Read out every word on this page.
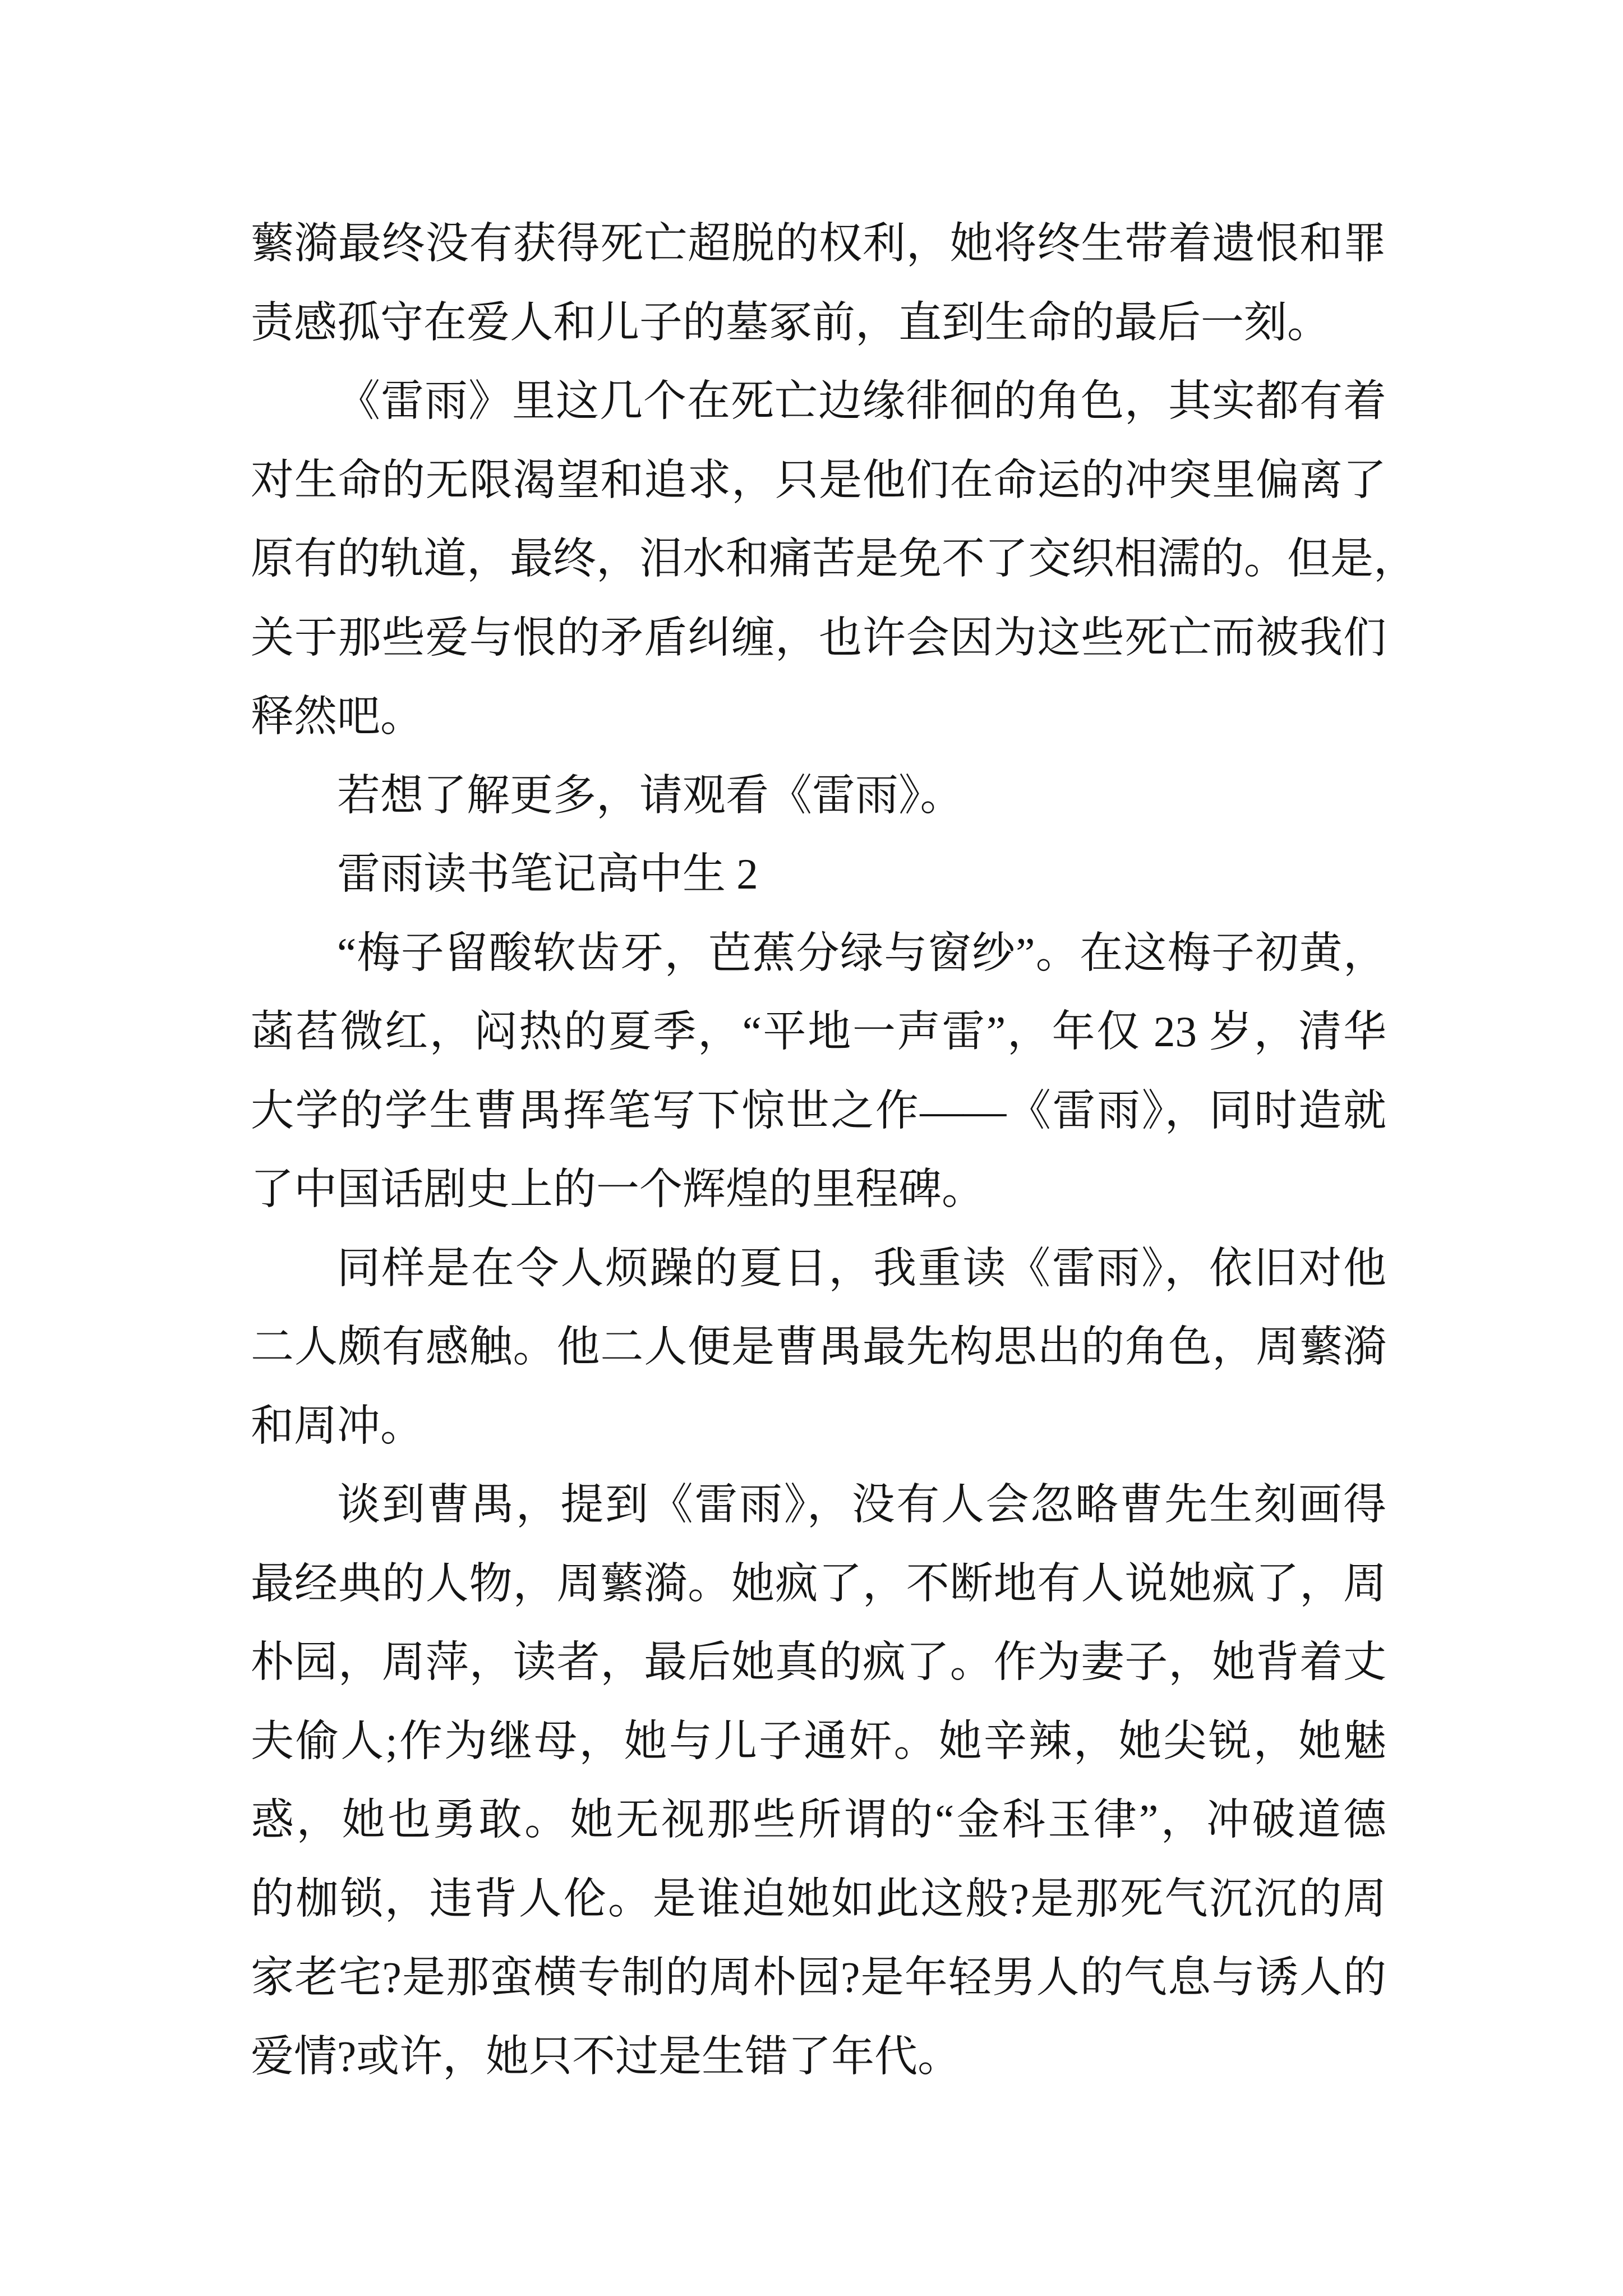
蘩漪最终没有获得死亡超脱的权利，她将终生带着遗恨和罪
责感孤守在爱人和儿子的墓冢前，直到生命的最后一刻。

《雷雨》里这几个在死亡边缘徘徊的角色，其实都有着
对生命的无限渴望和追求，只是他们在命运的冲突里偏离了
原有的轨道，最终，泪水和痛苦是免不了交织相濡的。但是，
关于那些爱与恨的矛盾纠缠，也许会因为这些死亡而被我们
释然吧。

若想了解更多，请观看《雷雨》。

雷雨读书笔记高中生 2

“梅子留酸软齿牙，芭蕉分绿与窗纱”。在这梅子初黄，
菡萏微红，闷热的夏季，“平地一声雷”，年仅 23 岁，清华
大学的学生曹禺挥笔写下惊世之作——《雷雨》，同时造就
了中国话剧史上的一个辉煌的里程碑。

同样是在令人烦躁的夏日，我重读《雷雨》，依旧对他
二人颇有感触。他二人便是曹禺最先构思出的角色，周蘩漪
和周冲。

谈到曹禺，提到《雷雨》，没有人会忽略曹先生刻画得
最经典的人物，周蘩漪。她疯了，不断地有人说她疯了，周
朴园，周萍，读者，最后她真的疯了。作为妻子，她背着丈
夫偷人;作为继母，她与儿子通奸。她辛辣，她尖锐，她魅
惑，她也勇敢。她无视那些所谓的“金科玉律”，冲破道德
的枷锁，违背人伦。是谁迫她如此这般?是那死气沉沉的周
家老宅?是那蛮横专制的周朴园?是年轻男人的气息与诱人的
爱情?或许，她只不过是生错了年代。
